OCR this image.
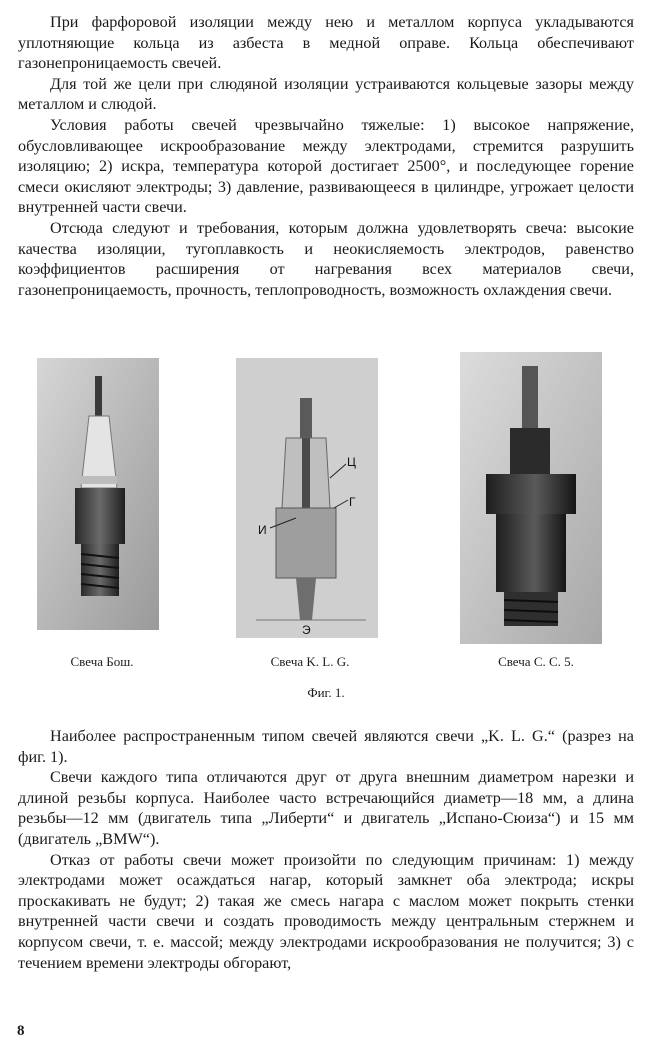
При фарфоровой изоляции между нею и металлом корпуса укладываются уплотняющие кольца из азбеста в медной оправе. Кольца обеспечивают газонепроницаемость свечей.

Для той же цели при слюдяной изоляции устраиваются кольцевые зазоры между металлом и слюдой.

Условия работы свечей чрезвычайно тяжелые: 1) высокое напряжение, обусловливающее искрообразование между электродами, стремится разрушить изоляцию; 2) искра, температура которой достигает 2500°, и последующее горение смеси окисляют электроды; 3) давление, развивающееся в цилиндре, угрожает целости внутренней части свечи.

Отсюда следуют и требования, которым должна удовлетворять свеча: высокие качества изоляции, тугоплавкость и неокисляемость электродов, равенство коэффициентов расширения от нагревания всех материалов свечи, газонепроницаемость, прочность, теплопроводность, возможность охлаждения свечи.

Ц
Г
И
Э
Свеча Бош.	Свеча K. L. G.	Свеча C. C. 5.
Фиг. 1.

Наиболее распространенным типом свечей являются свечи „K. L. G.“ (разрез на фиг. 1).

Свечи каждого типа отличаются друг от друга внешним диаметром нарезки и длиной резьбы корпуса. Наиболее часто встречающийся диаметр—18 мм, а длина резьбы—12 мм (двигатель типа „Либерти“ и двигатель „Испано-Сюиза“) и 15 мм (двигатель „BMW“).

Отказ от работы свечи может произойти по следующим причинам: 1) между электродами может осаждаться нагар, который замкнет оба электрода; искры проскакивать не будут; 2) такая же смесь нагара с маслом может покрыть стенки внутренней части свечи и создать проводимость между центральным стержнем и корпусом свечи, т. е. массой; между электродами искрообразования не получится; 3) с течением времени электроды обгорают,

8
